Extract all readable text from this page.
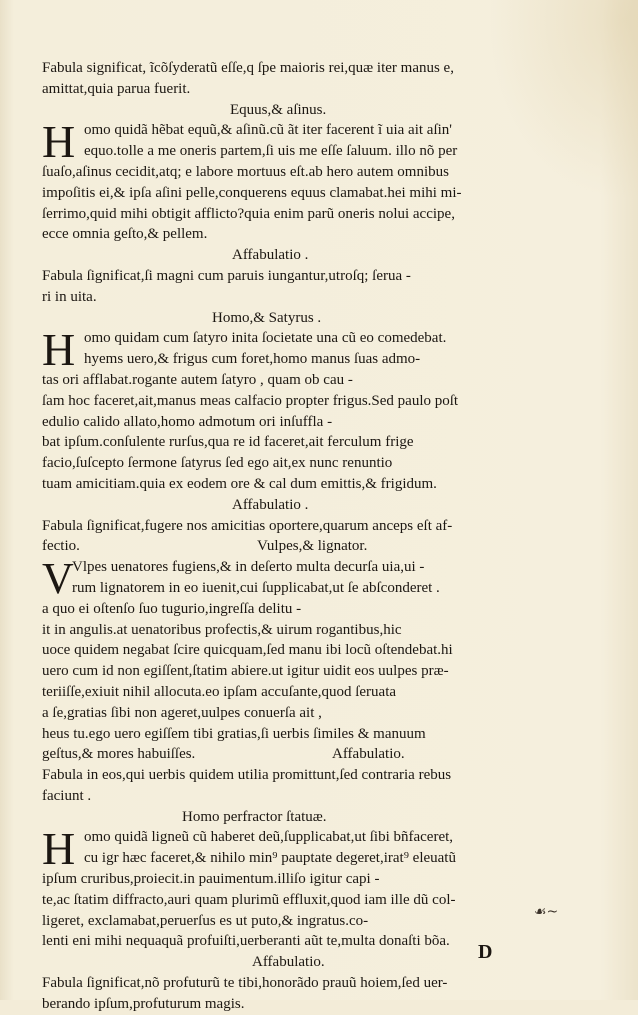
Fabula significat, ĩcõſyderatũ eſſe,q ſpe maioris rei,quæ iter manus e,
amittat,quia parua fuerit.
Equus,& aſinus.
H omo quidã hẽbat equũ,& aſinũ.cũ ãt iter facerent ĩ uia ait aſin'
equo.tolle a me oneris partem,ſi uis me eſſe ſaluum. illo nõ per
ſuaſo,aſinus cecidit,atq; e labore mortuus eſt.ab hero autem omnibus
impoſitis ei,& ipſa aſini pelle,conquerens equus clamabat.hei mihi mi-
ſerrimo,quid mihi obtigit afflicto?quia enim parũ oneris nolui accipe,
ecce omnia geſto,& pellem.
Affabulatio .
Fabula ſignificat,ſi magni cum paruis iungantur,utroſq; ſerua -
ri in uita.
Homo,& Satyrus .
H omo quidam cum ſatyro inita ſocietate una cũ eo comedebat.
hyems uero,& frigus cum foret,homo manus ſuas admo-
tas ori afflabat.rogante autem ſatyro , quam ob cau -
ſam hoc faceret,ait,manus meas calfacio propter frigus.Sed paulo poſt
edulio calido allato,homo admotum ori inſuffla -
bat ipſum.conſulente rurſus,qua re id faceret,ait ferculum frige
facio,ſuſcepto ſermone ſatyrus ſed ego ait,ex nunc renuntio
tuam amicitiam.quia ex eodem ore & cal dum emittis,& frigidum.
Affabulatio .
Fabula ſignificat,fugere nos amicitias oportere,quarum anceps eſt af-
fectio.	Vulpes,& lignator.
V
Vlpes uenatores fugiens,& in deſerto multa decurſa uia,ui -
rum lignatorem in eo iuenit,cui ſupplicabat,ut ſe abſconderet .
a quo ei oſtenſo ſuo tugurio,ingreſſa delitu -
it in angulis.at uenatoribus profectis,& uirum rogantibus,hic
uoce quidem negabat ſcire quicquam,ſed manu ibi locũ oſtendebat.hi
uero cum id non egiſſent,ſtatim abiere.ut igitur uidit eos uulpes præ-
teriiſſe,exiuit nihil allocuta.eo ipſam accuſante,quod ſeruata
a ſe,gratias ſibi non ageret,uulpes conuerſa ait ,
heus tu.ego uero egiſſem tibi gratias,ſi uerbis ſimiles & manuum
geſtus,& mores habuiſſes.	Affabulatio.
Fabula in eos,qui uerbis quidem utilia promittunt,ſed contraria rebus
faciunt .
Homo perfractor ſtatuæ.
H omo quidã ligneũ cũ haberet deũ,ſupplicabat,ut ſibi bñfaceret,
cu igr hæc faceret,& nihilo min⁹ pauptate degeret,irat⁹ eleuatũ
ipſum cruribus,proiecit.in pauimentum.illiſo igitur capi -
te,ac ſtatim diffracto,auri quam plurimũ effluxit,quod iam ille dũ col-
ligeret, exclamabat,peruerſus es ut puto,& ingratus.co-
lenti eni mihi nequaquã profuiſti,uerberanti aũt te,multa donaſti bõa.
Affabulatio.
Fabula ſignificat,nõ profuturũ te tibi,honorãdo prauũ hoiem,ſed uer-
berando ipſum,profuturum magis.
☙~
D
